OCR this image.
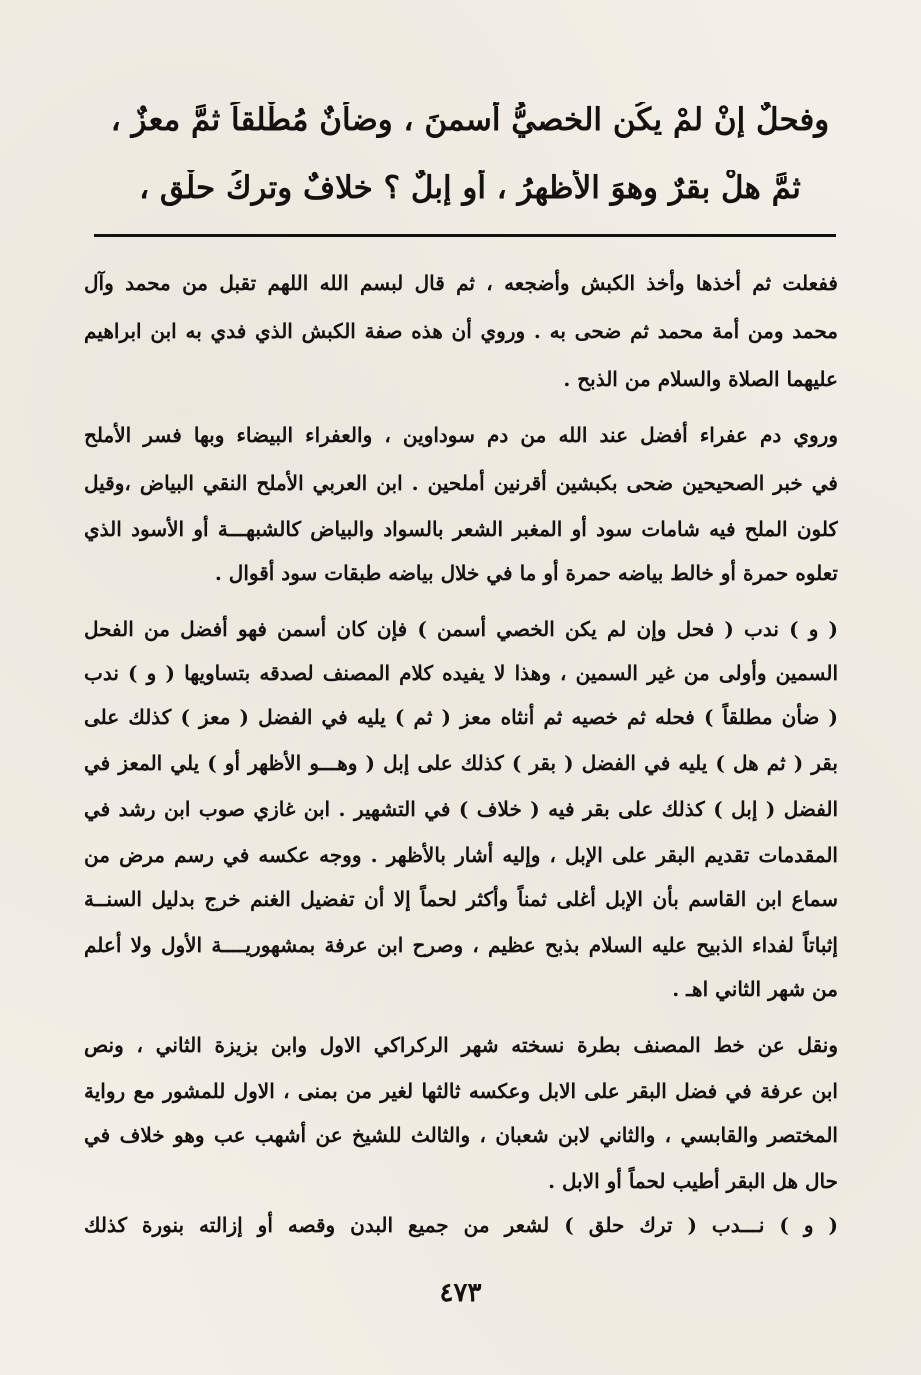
وفحلٌ إنْ لمْ يكُنِ الخصيُّ أسمنَ ، وضأنٌ مُطْلقاً ثمَّ معزٌ ،
ثمَّ هلْ بقرٌ وهوَ الأظهرُ ، أو إبلٌ ؟ خلافٌ وتركُ حلْقٍ ،
ففعلت ثم أخذها وأخذ الكبش وأضجعه ، ثم قال لبسم الله اللهم تقبل من محمد وآل
محمد ومن أمة محمد ثم ضحى به . وروي أن هذه صفة الكبش الذي فدي به ابن ابراهيم
عليهما الصلاة والسلام من الذبح .
وروي دم عفراء أفضل عند الله من دم سوداوين ، والعفراء البيضاء وبها فسر الأملح
في خبر الصحيحين ضحى بكبشين أقرنين أملحين . ابن العربي الأملح النقي البياض ،وقيل
كلون الملح فيه شامات سود أو المغبر الشعر بالسواد والبياض كالشبهـــة أو الأسود الذي
تعلوه حمرة أو خالط بياضه حمرة أو ما في خلال بياضه طبقات سود أقوال .
( و ) ندب ( فحل وإن لم يكن الخصي أسمن ) فإن كان أسمن فهو أفضل من الفحل
السمين وأولى من غير السمين ، وهذا لا يفيده كلام المصنف لصدقه بتساويها ( و ) ندب
( ضأن مطلقاً ) فحله ثم خصيه ثم أنثاه معز ( ثم ) يليه في الفضل ( معز ) كذلك على
بقر ( ثم هل ) يليه في الفضل ( بقر ) كذلك على إبل ( وهـــو الأظهر أو ) يلي المعز في
الفضل ( إبل ) كذلك على بقر فيه ( خلاف ) في التشهير . ابن غازي صوب ابن رشد في
المقدمات تقديم البقر على الإبل ، وإليه أشار بالأظهر . ووجه عكسه في رسم مرض من
سماع ابن القاسم بأن الإبل أغلى ثمناً وأكثر لحماً إلا أن تفضيل الغنم خرج بدليل السنــة
إثباتاً لفداء الذبيح عليه السلام بذبح عظيم ، وصرح ابن عرفة بمشهوريــــة الأول ولا أعلم
من شهر الثاني اهـ .
ونقل عن خط المصنف بطرة نسخته شهر الركراكي الاول وابن بزيزة الثاني ، ونص
ابن عرفة في فضل البقر على الابل وعكسه ثالثها لغير من بمنى ، الاول للمشور مع رواية
المختصر والقابسي ، والثاني لابن شعبان ، والثالث للشيخ عن أشهب عب وهو خلاف في
حال هل البقر أطيب لحماً أو الابل .
( و ) نـــدب ( ترك حلق ) لشعر من جميع البدن وقصه أو إزالته بنورة كذلك
٤٧٣
